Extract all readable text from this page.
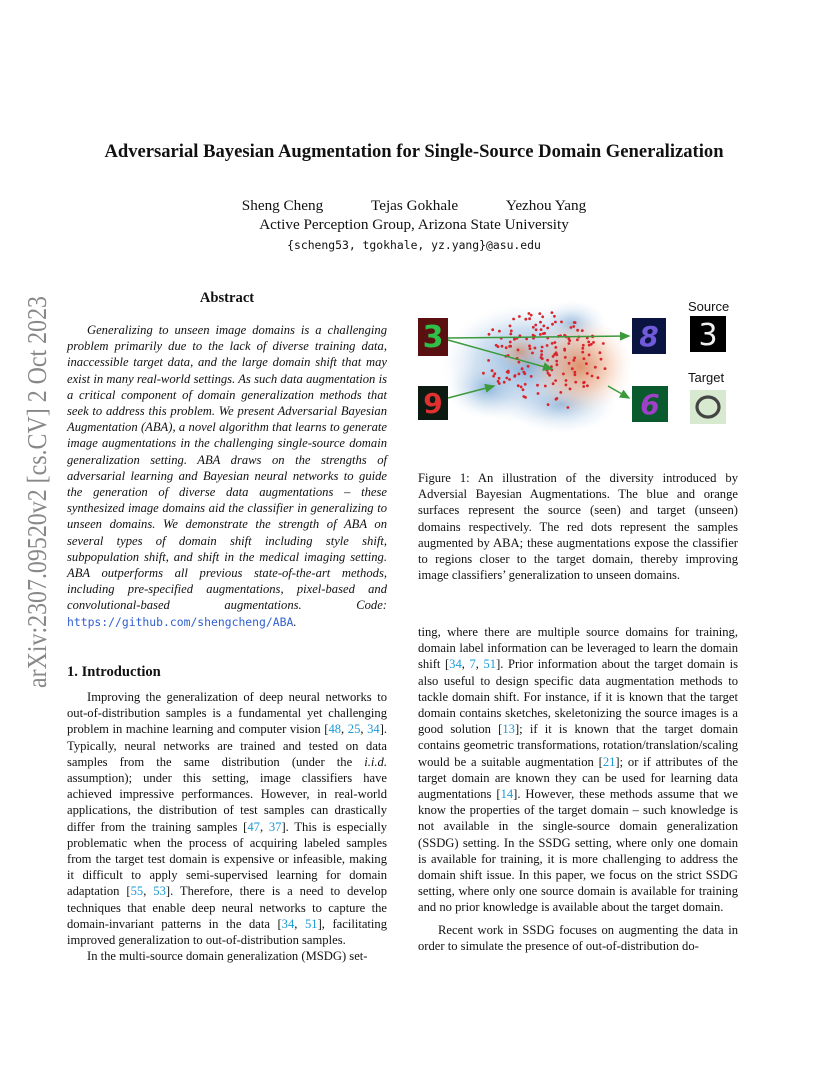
arXiv:2307.09520v2 [cs.CV] 2 Oct 2023
Adversarial Bayesian Augmentation for Single-Source Domain Generalization
Sheng Cheng	Tejas Gokhale	Yezhou Yang
Active Perception Group, Arizona State University
{scheng53, tgokhale, yz.yang}@asu.edu
Abstract

Generalizing to unseen image domains is a challenging problem primarily due to the lack of diverse training data, inaccessible target data, and the large domain shift that may exist in many real-world settings. As such data augmentation is a critical component of domain generalization methods that seek to address this problem. We present Adversarial Bayesian Augmentation (ABA), a novel algorithm that learns to generate image augmentations in the challenging single-source domain generalization setting. ABA draws on the strengths of adversarial learning and Bayesian neural networks to guide the generation of diverse data augmentations – these synthesized image domains aid the classifier in generalizing to unseen domains. We demonstrate the strength of ABA on several types of domain shift including style shift, subpopulation shift, and shift in the medical imaging setting. ABA outperforms all previous state-of-the-art methods, including pre-specified augmentations, pixel-based and convolutional-based augmentations. Code: https://github.com/shengcheng/ABA.

3
9
8
6
3
Source
Target
Figure 1: An illustration of the diversity introduced by Adversial Bayesian Augmentations. The blue and orange surfaces represent the source (seen) and target (unseen) domains respectively. The red dots represent the samples augmented by ABA; these augmentations expose the classifier to regions closer to the target domain, thereby improving image classifiers’ generalization to unseen domains.
1. Introduction

Improving the generalization of deep neural networks to out-of-distribution samples is a fundamental yet challenging problem in machine learning and computer vision [48, 25, 34]. Typically, neural networks are trained and tested on data samples from the same distribution (under the i.i.d. assumption); under this setting, image classifiers have achieved impressive performances. However, in real-world applications, the distribution of test samples can drastically differ from the training samples [47, 37]. This is especially problematic when the process of acquiring labeled samples from the target test domain is expensive or infeasible, making it difficult to apply semi-supervised learning for domain adaptation [55, 53]. Therefore, there is a need to develop techniques that enable deep neural networks to capture the domain-invariant patterns in the data [34, 51], facilitating improved generalization to out-of-distribution samples.

In the multi-source domain generalization (MSDG) set-

ting, where there are multiple source domains for training, domain label information can be leveraged to learn the domain shift [34, 7, 51]. Prior information about the target domain is also useful to design specific data augmentation methods to tackle domain shift. For instance, if it is known that the target domain contains sketches, skeletonizing the source images is a good solution [13]; if it is known that the target domain contains geometric transformations, rotation/translation/scaling would be a suitable augmentation [21]; or if attributes of the target domain are known they can be used for learning data augmentations [14]. However, these methods assume that we know the properties of the target domain – such knowledge is not available in the single-source domain generalization (SSDG) setting. In the SSDG setting, where only one domain is available for training, it is more challenging to address the domain shift issue. In this paper, we focus on the strict SSDG setting, where only one source domain is available for training and no prior knowledge is available about the target domain.

Recent work in SSDG focuses on augmenting the data in order to simulate the presence of out-of-distribution do-
